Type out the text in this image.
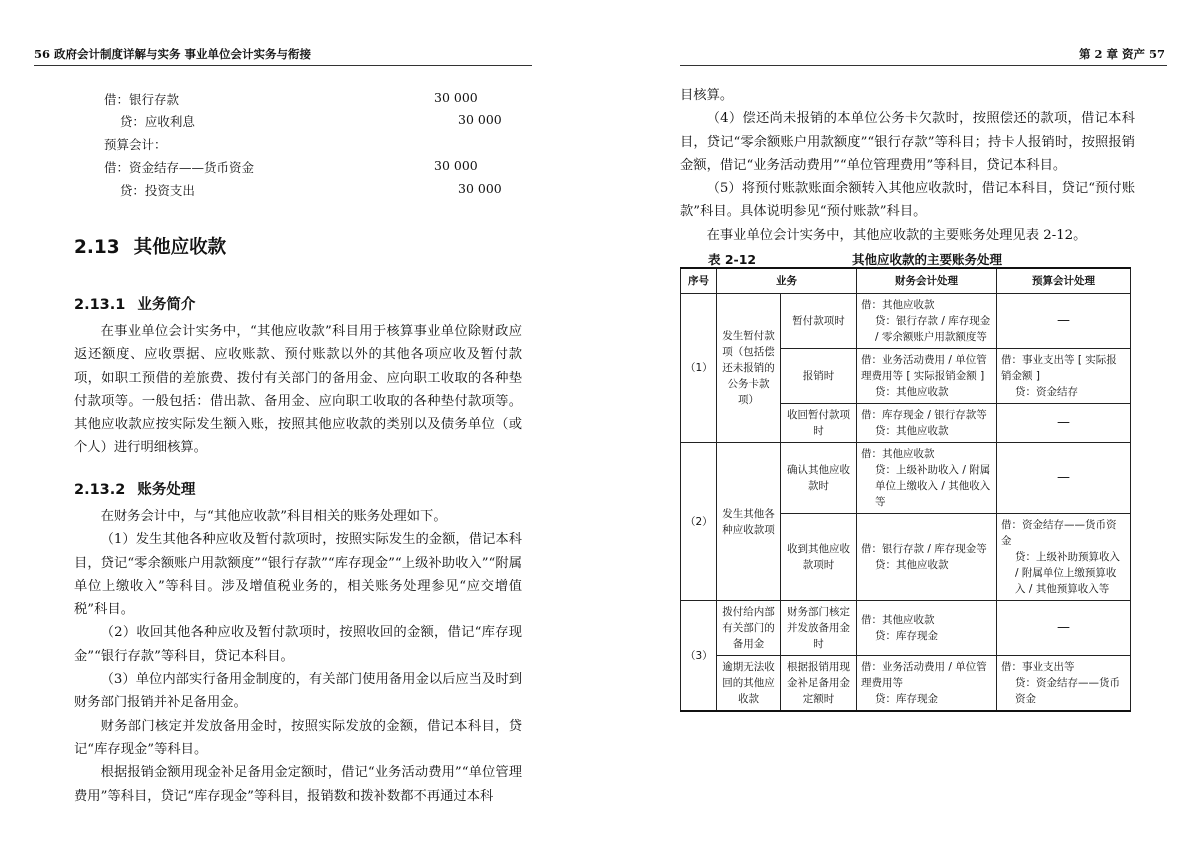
56 政府会计制度详解与实务 事业单位会计实务与衔接	第 2 章 资产 57
借：银行存款	30 000
贷：应收利息	30 000
预算会计：
借：资金结存——货币资金	30 000
贷：投资支出	30 000
2.13 其他应收款
2.13.1 业务简介

在事业单位会计实务中，“其他应收款”科目用于核算事业单位除财政应返还额度、应收票据、应收账款、预付账款以外的其他各项应收及暂付款项，如职工预借的差旅费、拨付有关部门的备用金、应向职工收取的各种垫付款项等。一般包括：借出款、备用金、应向职工收取的各种垫付款项等。其他应收款应按实际发生额入账，按照其他应收款的类别以及债务单位（或个人）进行明细核算。

2.13.2 账务处理

在财务会计中，与“其他应收款”科目相关的账务处理如下。

（1）发生其他各种应收及暂付款项时，按照实际发生的金额，借记本科目，贷记“零余额账户用款额度”“银行存款”“库存现金”“上级补助收入”“附属单位上缴收入”等科目。涉及增值税业务的，相关账务处理参见“应交增值税”科目。

（2）收回其他各种应收及暂付款项时，按照收回的金额，借记“库存现金”“银行存款”等科目，贷记本科目。

（3）单位内部实行备用金制度的，有关部门使用备用金以后应当及时到财务部门报销并补足备用金。

财务部门核定并发放备用金时，按照实际发放的金额，借记本科目，贷记“库存现金”等科目。

根据报销金额用现金补足备用金定额时，借记“业务活动费用”“单位管理费用”等科目，贷记“库存现金”等科目，报销数和拨补数都不再通过本科

目核算。

（4）偿还尚未报销的本单位公务卡欠款时，按照偿还的款项，借记本科目，贷记“零余额账户用款额度”“银行存款”等科目；持卡人报销时，按照报销金额，借记“业务活动费用”“单位管理费用”等科目，贷记本科目。

（5）将预付账款账面余额转入其他应收款时，借记本科目，贷记“预付账款”科目。具体说明参见“预付账款”科目。

在事业单位会计实务中，其他应收款的主要账务处理见表 2-12。

表 2-12	其他应收款的主要账务处理
序号	业务		财务会计处理	预算会计处理
（1）	发生暂付款项（包括偿还未报销的公务卡款项）	暂付款项时	借：其他应收款
贷：银行存款 / 库存现金 / 零余额账户用款额度等	—
		报销时	借：业务活动费用 / 单位管理费用等 [ 实际报销金额 ]
贷：其他应收款	借：事业支出等 [ 实际报销金额 ]
贷：资金结存

		收回暂付款项时	借：库存现金 / 银行存款等
贷：其他应收款	—
（2）	发生其他各种应收款项	确认其他应收款时	借：其他应收款
贷：上级补助收入 / 附属单位上缴收入 / 其他收入等	—
		收到其他应收款项时	借：银行存款 / 库存现金等
贷：其他应收款	借：资金结存——货币资金
贷：上级补助预算收入 / 附属单位上缴预算收入 / 其他预算收入等

（3）	拨付给内部有关部门的备用金	财务部门核定并发放备用金时	借：其他应收款
贷：库存现金	—
	逾期无法收回的其他应收款	根据报销用现金补足备用金定额时	借：业务活动费用 / 单位管理费用等
贷：库存现金	借：事业支出等
贷：资金结存——货币资金
